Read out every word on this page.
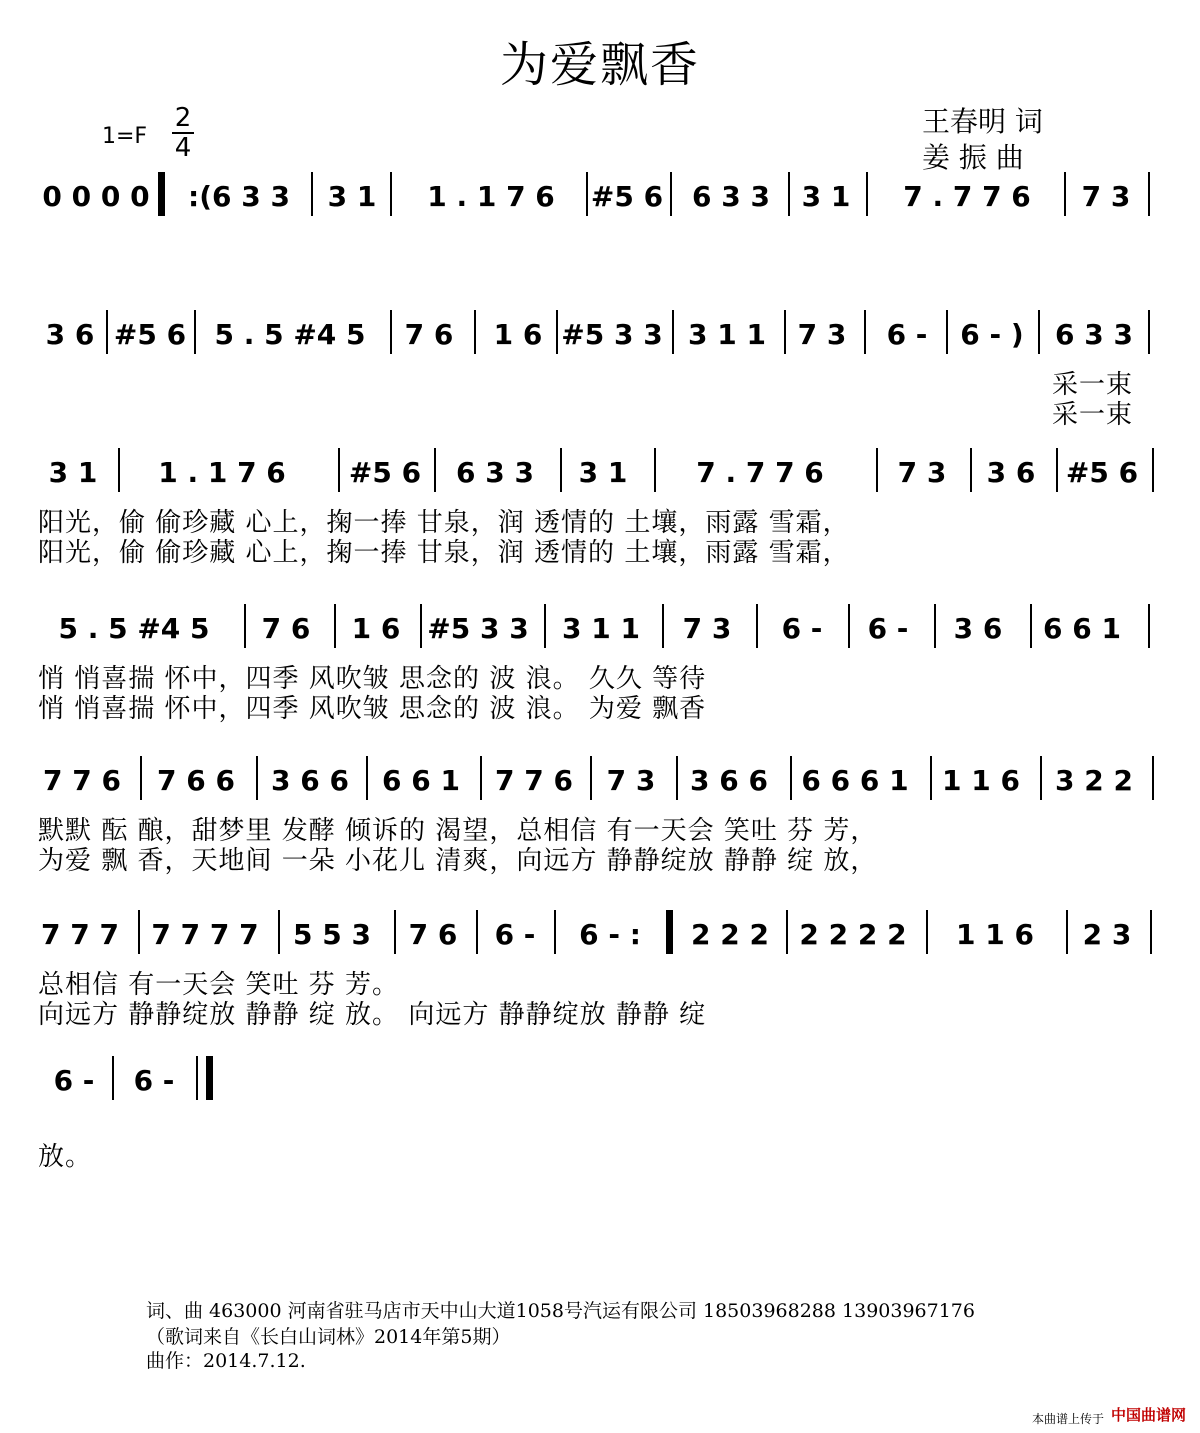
为爱飘香
1=F
2
4
王春明 词
姜 振 曲
0 0 0 0	:(6 3 3	3 1	1 . 1 7 6	#5 6	6 3 3	3 1	7 . 7 7 6	7 3
3 6 #5 6	5 . 5 #4 5	7 6	1 6 #5 3 3 3 1 1 7 3	6 -	6 - )	6 3 3
采一束
采一束
3 1	1 . 1 7 6	#5 6	6 3 3	3 1	7 . 7 7 6	7 3	3 6	#5 6
阳光，偷 偷珍藏 心上，掬一捧 甘泉，润 透情的 土壤，雨露 雪霜，
阳光，偷 偷珍藏 心上，掬一捧 甘泉，润 透情的 土壤，雨露 雪霜，
5 . 5 #4 5	7 6	1 6 #5 3 3	3 1 1	7 3	6 -	6 -	3 6	6 6 1
悄 悄喜揣 怀中，四季 风吹皱 思念的 波 浪。 久久 等待
悄 悄喜揣 怀中，四季 风吹皱 思念的 波 浪。 为爱 飘香
7 7 6	7 6 6	3 6 6	6 6 1	7 7 6	7 3	3 6 6 6 6 6 1 1 1 6	3 2 2
默默 酝 酿，甜梦里 发酵 倾诉的 渴望，总相信 有一天会 笑吐 芬 芳，
为爱 飘 香，天地间 一朵 小花儿 清爽，向远方 静静绽放 静静 绽 放，
7 7 7 7 7 7 7	5 5 3	7 6	6 -	6 - :	2 2 2	2 2 2 2	1 1 6	2 3
总相信 有一天会 笑吐 芬 芳。
向远方 静静绽放 静静 绽 放。 向远方 静静绽放 静静 绽
6 -	6 -
放。
词、曲 463000 河南省驻马店市天中山大道1058号汽运有限公司 18503968288 13903967176
（歌词来自《长白山词林》2014年第5期）
曲作：2014.7.12.
本曲谱上传于 中国曲谱网
